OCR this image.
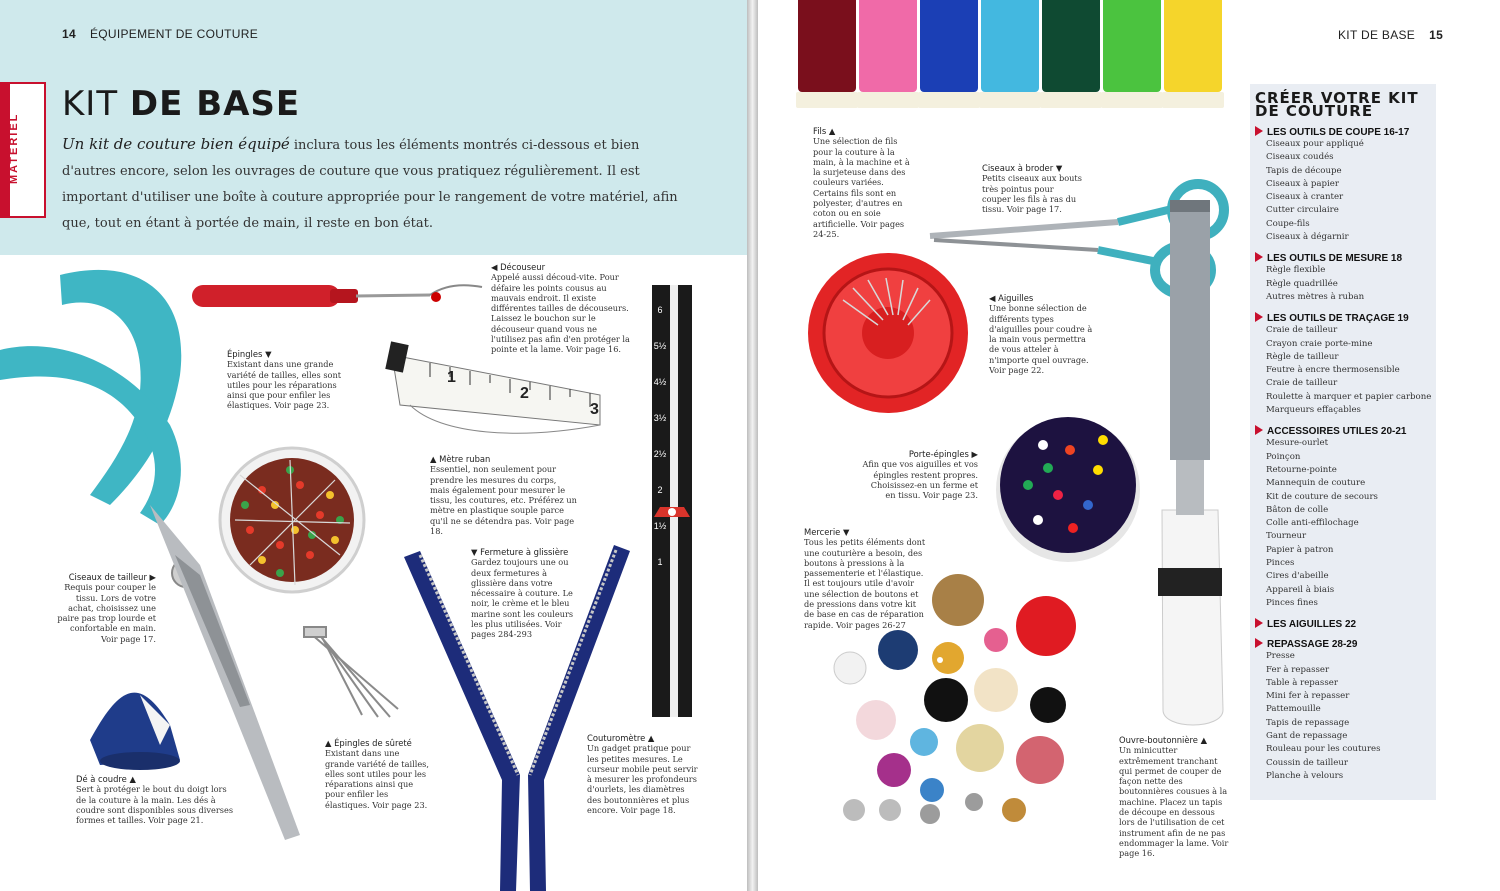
14 ÉQUIPEMENT DE COUTURE
MATÉRIEL
KIT DE BASE
Un kit de couture bien équipé inclura tous les éléments montrés ci-dessous et bien d'autres encore, selon les ouvrages de couture que vous pratiquez régulièrement. Il est important d'utiliser une boîte à couture appropriée pour le rangement de votre matériel, afin que, tout en étant à portée de main, il reste en bon état.
◀ Découseur
Appelé aussi découd-vite. Pour défaire les points cousus au mauvais endroit. Il existe différentes tailles de découseurs. Laissez le bouchon sur le découseur quand vous ne l'utilisez pas afin d'en protéger la pointe et la lame. Voir page 16.
Épingles ▼
Existant dans une grande variété de tailles, elles sont utiles pour les réparations ainsi que pour enfiler les élastiques. Voir page 23.
▲ Mètre ruban
Essentiel, non seulement pour prendre les mesures du corps, mais également pour mesurer le tissu, les coutures, etc. Préférez un mètre en plastique souple parce qu'il ne se détendra pas. Voir page 18.
Ciseaux de tailleur ▶
Requis pour couper le tissu. Lors de votre achat, choisissez une paire pas trop lourde et confortable en main. Voir page 17.
▼ Fermeture à glissière
Gardez toujours une ou deux fermetures à glissière dans votre nécessaire à couture. Le noir, le crème et le bleu marine sont les couleurs les plus utilisées. Voir pages 284-293
▲ Épingles de sûreté
Existant dans une grande variété de tailles, elles sont utiles pour les réparations ainsi que pour enfiler les élastiques. Voir page 23.
Couturomètre ▲
Un gadget pratique pour les petites mesures. Le curseur mobile peut servir à mesurer les profondeurs d'ourlets, les diamètres des boutonnières et plus encore. Voir page 18.
Dé à coudre ▲
Sert à protéger le bout du doigt lors de la couture à la main. Les dés à coudre sont disponibles sous diverses formes et tailles. Voir page 21.
1
2
3
6
5½
4½
3½
2½
2
1½
1
KIT DE BASE 15
Fils ▲
Une sélection de fils pour la couture à la main, à la machine et à la surjeteuse dans des couleurs variées. Certains fils sont en polyester, d'autres en coton ou en soie artificielle. Voir pages 24-25.
Ciseaux à broder ▼
Petits ciseaux aux bouts très pointus pour couper les fils à ras du tissu. Voir page 17.
◀ Aiguilles
Une bonne sélection de différents types d'aiguilles pour coudre à la main vous permettra de vous atteler à n'importe quel ouvrage. Voir page 22.
Porte-épingles ▶
Afin que vos aiguilles et vos épingles restent propres. Choisissez-en un ferme et en tissu. Voir page 23.
Mercerie ▼
Tous les petits éléments dont une couturière a besoin, des boutons à pressions à la passementerie et l'élastique. Il est toujours utile d'avoir une sélection de boutons et de pressions dans votre kit de base en cas de réparation rapide. Voir pages 26-27
Ouvre-boutonnière ▲
Un minicutter extrêmement tranchant qui permet de couper de façon nette des boutonnières cousues à la machine. Placez un tapis de découpe en dessous lors de l'utilisation de cet instrument afin de ne pas endommager la lame. Voir page 16.
CRÉER VOTRE KIT
DE COUTURE
LES OUTILS DE COUPE 16-17
Ciseaux pour appliqué
Ciseaux coudés
Tapis de découpe
Ciseaux à papier
Ciseaux à cranter
Cutter circulaire
Coupe-fils
Ciseaux à dégarnir
LES OUTILS DE MESURE 18
Règle flexible
Règle quadrillée
Autres mètres à ruban
LES OUTILS DE TRAÇAGE 19
Craie de tailleur
Crayon craie porte-mine
Règle de tailleur
Feutre à encre thermosensible
Craie de tailleur
Roulette à marquer et papier carbone
Marqueurs effaçables
ACCESSOIRES UTILES 20-21
Mesure-ourlet
Poinçon
Retourne-pointe
Mannequin de couture
Kit de couture de secours
Bâton de colle
Colle anti-effilochage
Tourneur
Papier à patron
Pinces
Cires d'abeille
Appareil à biais
Pinces fines
LES AIGUILLES 22
REPASSAGE 28-29
Presse
Fer à repasser
Table à repasser
Mini fer à repasser
Pattemouille
Tapis de repassage
Gant de repassage
Rouleau pour les coutures
Coussin de tailleur
Planche à velours
